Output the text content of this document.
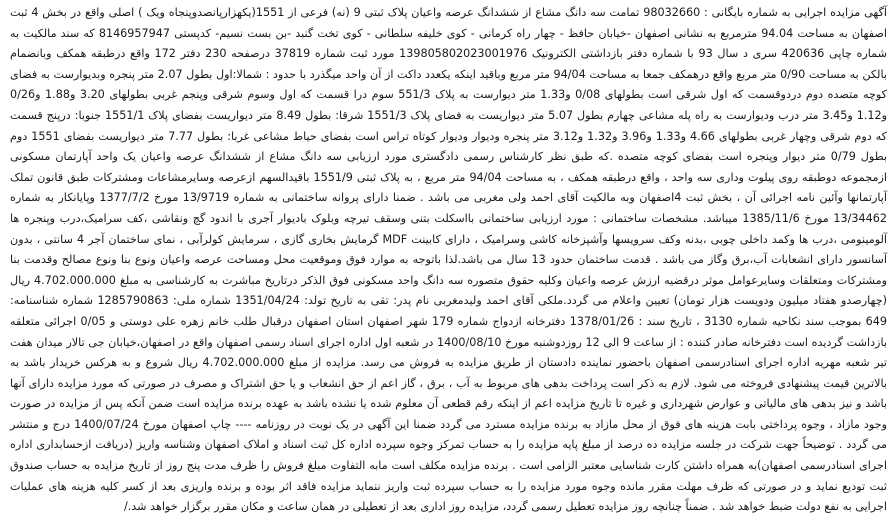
آگهی مزایده اجرایی به شماره بایگانی : 98032660 تمامت سه دانگ مشاع از ششدانگ عرصه واعیان پلاک ثبتی 9 (نه) فرعی از 1551(یکهزارپانصدوپنجاه ویک ) اصلی واقع در بخش 4 ثبت اصفهان به مساحت 94.04 مترمربع به نشانی اصفهان -خیابان حافظ - چهار راه کرمانی - کوی خلیفه سلطانی - کوی تخت گنبد -بن بست نسیم- کدپستی 8146957947 که سند مالکیت به شماره چاپی 420636 سری د سال 93 با شماره دفتر بازداشتی الکترونیک 139805802023001976 مورد ثبت شماره 37819 درصفحه 230 دفتر 172 واقع درطبقه همکف وبانضمام بالکن به مساحت 0/90 متر مربع واقع درهمکف جمعا به مساحت 94/04 متر مربع وباقید اینکه یکعدد داکت از آن واحد میگذرد با حدود : شمالا:اول بطول 2.07 متر پنجره وبدیوارست به فضای کوچه متصده دوم دردوقسمت که اول شرقی است بطولهای 0/08 و1.33 متر دیوارست به پلاک 551/3 سوم درا قسمت که اول وسوم شرقی وپنجم غربی بطولهای 3.20 و1.88 و0/26 و1.12 و3.45 متر درب ودیوارست به راه پله مشاعی چهارم بطول 5.07 متر دیواریست به فضای پلاک 1551/3 شرقا: بطول 8.49 متر دیواریست بفضای پلاک 1551/1 جنوبا: درپنج قسمت که دوم شرقی وچهار غربی بطولهای 4.66 و1.33 و3.96 و1.32 و3.12 متر پنجره ودیوار ودیوار کوتاه تراس است بفضای حیاط مشاعی غربا: بطول 7.77 متر دیواریست بفضای 1551 دوم بطول 0/79 متر دیوار وپنجره است بفضای کوچه متصده .که طبق نظر کارشناس رسمی دادگستری مورد ارزیابی سه دانگ مشاع از ششدانگ عرصه واعیان یک واحد آپارتمان مسکونی ازمجموعه دوطبقه روی پیلوت وداری سه واحد ، واقع درطبقه همکف ، به مساحت 94/04 متر مربع ، به پلاک ثبتی 1551/9 باقیدالسهم ازعرصه وسایرمشاعات ومشترکات طبق قانون تملک آپارتمانها وآئین نامه اجرائی آن ، بخش ثبت 4اصفهان وبه مالکیت آقای احمد ولی مغربی می باشد . ضمنا دارای پروانه ساختمانی به شماره 13/9719 مورخ 1377/7/2 وپایانکار به شماره 13/34462 مورخ 1385/11/6 میباشد. مشخصات ساختمانی : مورد ارزیابی ساختمانی بااسکلت بتنی وسقف تیرچه وبلوک بادیوار آجری با اندود گچ ونقاشی ،کف سرامیک،درب وپنجره ها آلومینومی ،درب ها وکمد داخلی چوبی ،بدنه وکف سرویسها وآشپزخانه کاشی وسرامیک ، دارای کابینت MDF گرمایش بخاری گازی ، سرمایش کولرآبی ، نمای ساختمان آجر 4 سانتی ، بدون آسانسور دارای انشعابات آب،برق وگاز می باشد . قدمت ساختمان حدود 13 سال می باشد.لذا باتوجه به موارد فوق وموقعیت محل ومساحت عرصه واعیان ونوع بنا ونوع مصالح وقدمت بنا ومشترکات ومتعلقات وسایرعوامل موثر درقضیه ارزش عرصه واعیان وکلیه حقوق متصوره سه دانگ واحد مسکونی فوق الذکر درتاریخ مباشرت به کارشناسی به مبلغ 4.702.000.000 ریال (چهارصدو هفتاد میلیون ودویست هزار تومان) تعیین واعلام می گردد.ملکی آقای احمد ولیدمغربی نام پدر: تقی به تاریخ تولد: 1351/04/24 شماره ملی: 1285790863 شماره شناسنامه: 649 بموجب سند نکاحیه شماره 3130 ، تاریخ سند : 1378/01/26 دفترخانه ازدواج شماره 179 شهر اصفهان استان اصفهان درقبال طلب خانم زهره علی دوستی و 0/05 اجرائی متعلقه بازداشت گردیده است دفترخانه صادر کننده : از ساعت 9 الی 12 روزدوشنبه مورخ 1400/08/10 در شعبه اول اداره اجرای اسناد رسمی اصفهان واقع در اصفهان،خیابان جی تالار میدان هفت تیر شعبه مهریه اداره اجرای اسنادرسمی اصفهان باحضور نماینده دادستان از طریق مزایده به فروش می رسد. مزایده از مبلغ 4.702.000.000 ریال شروع و به هرکس خریدار باشد به بالاترین قیمت پیشنهادی فروخته می شود. لازم به ذکر است پرداخت بدهی های مربوط به آب ، برق ، گاز اعم از حق انشعاب و یا حق اشتراک و مصرف در صورتی که مورد مزایده دارای آنها باشد و نیز بدهی های مالیاتی و عوارض شهرداری و غیره تا تاریخ مزایده اعم از اینکه رقم قطعی آن معلوم شده یا نشده باشد به عهده برنده مزایده است ضمن آنکه پس از مزایده در صورت وجود مازاد ، وجوه پرداختی بابت هزینه های فوق از محل مازاد به برنده مزایده مسترد می گردد ضمنا این آگهی در یک نوبت در روزنامه ---- چاپ اصفهان مورخ 1400/07/24 درج و منتشر می گردد . توضیحاً جهت شرکت در جلسه مزایده ده درصد از مبلغ پایه مزایده را به حساب تمرکز وجوه سپرده اداره کل ثبت اسناد و املاک اصفهان وشناسه واریز (دریافت ازحسابداری اداره اجرای اسنادرسمی اصفهان)به همراه داشتن کارت شناسایی معتبر الزامی است . برنده مزایده مکلف است مابه التفاوت مبلغ فروش را ظرف مدت پنج روز از تاریخ مزایده به حساب صندوق ثبت تودیع نماید و در صورتی که ظرف مهلت مقرر مانده وجوه مورد مزایده را به حساب سپرده ثبت واریز ننماید مزایده فاقد اثر بوده و برنده واریزی بعد از کسر کلیه هزینه های عملیات اجرایی به نفع دولت ضبط خواهد شد . ضمناً چنانچه روز مزایده تعطیل رسمی گردد، مزایده روز اداری بعد از تعطیلی در همان ساعت و مکان مقرر برگزار خواهد شد./
